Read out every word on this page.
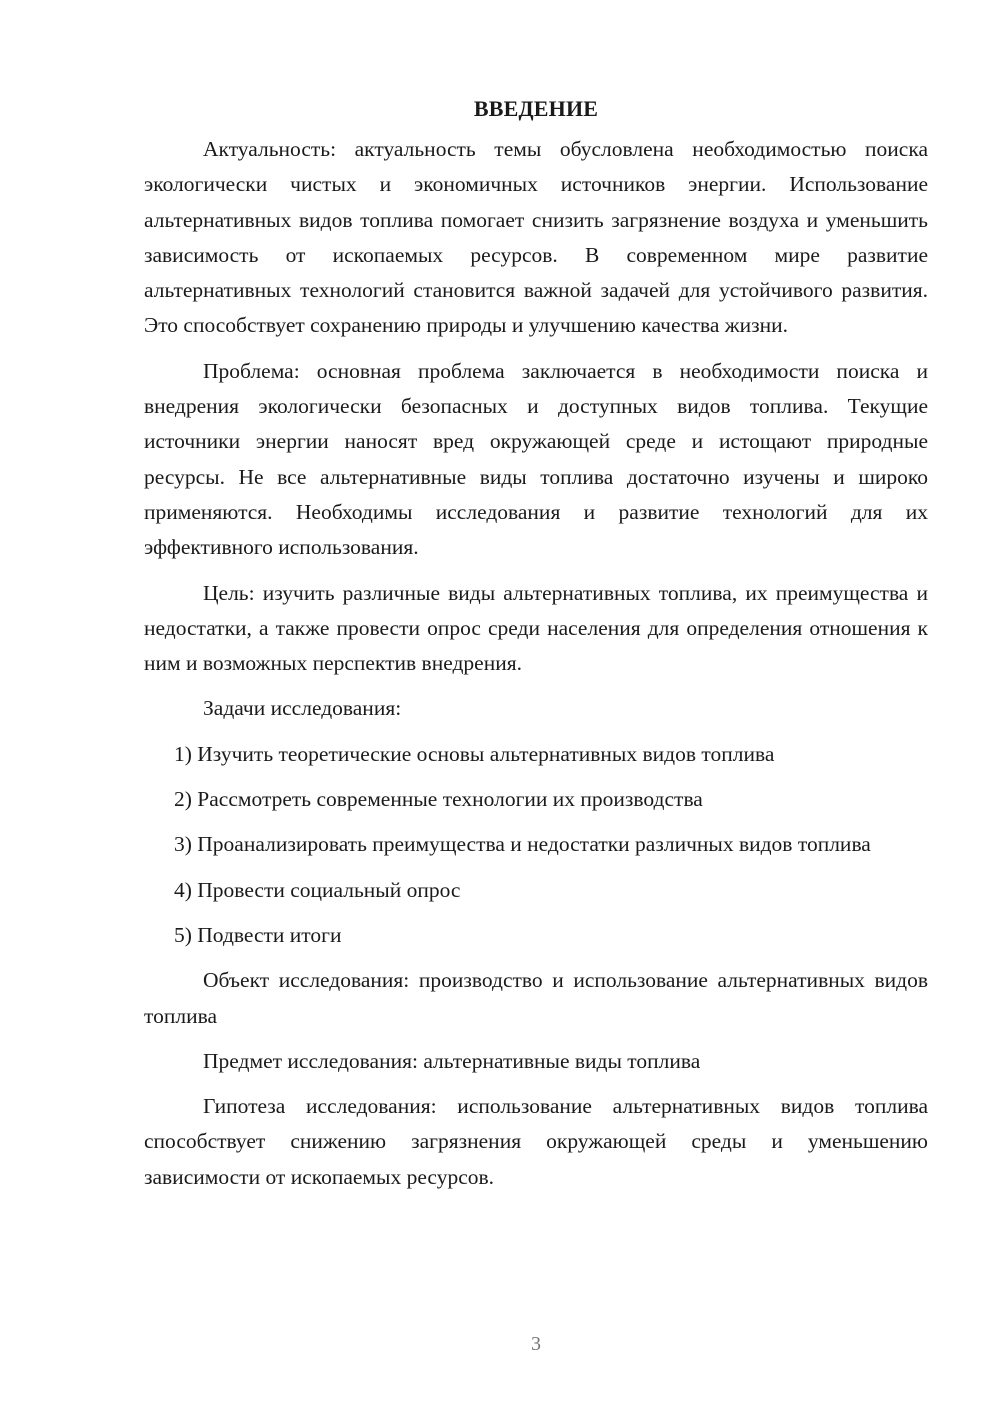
ВВЕДЕНИЕ

Актуальность: актуальность темы обусловлена необходимостью поиска экологически чистых и экономичных источников энергии. Использование альтернативных видов топлива помогает снизить загрязнение воздуха и уменьшить зависимость от ископаемых ресурсов. В современном мире развитие альтернативных технологий становится важной задачей для устойчивого развития. Это способствует сохранению природы и улучшению качества жизни.

Проблема: основная проблема заключается в необходимости поиска и внедрения экологически безопасных и доступных видов топлива. Текущие источники энергии наносят вред окружающей среде и истощают природные ресурсы. Не все альтернативные виды топлива достаточно изучены и широко применяются. Необходимы исследования и развитие технологий для их эффективного использования.

Цель: изучить различные виды альтернативных топлива, их преимущества и недостатки, а также провести опрос среди населения для определения отношения к ним и возможных перспектив внедрения.

Задачи исследования:

1) Изучить теоретические основы альтернативных видов топлива

2) Рассмотреть современные технологии их производства

3) Проанализировать преимущества и недостатки различных видов топлива

4) Провести социальный опрос

5) Подвести итоги

Объект исследования: производство и использование альтернативных видов топлива

Предмет исследования: альтернативные виды топлива

Гипотеза исследования: использование альтернативных видов топлива способствует снижению загрязнения окружающей среды и уменьшению зависимости от ископаемых ресурсов.

3
